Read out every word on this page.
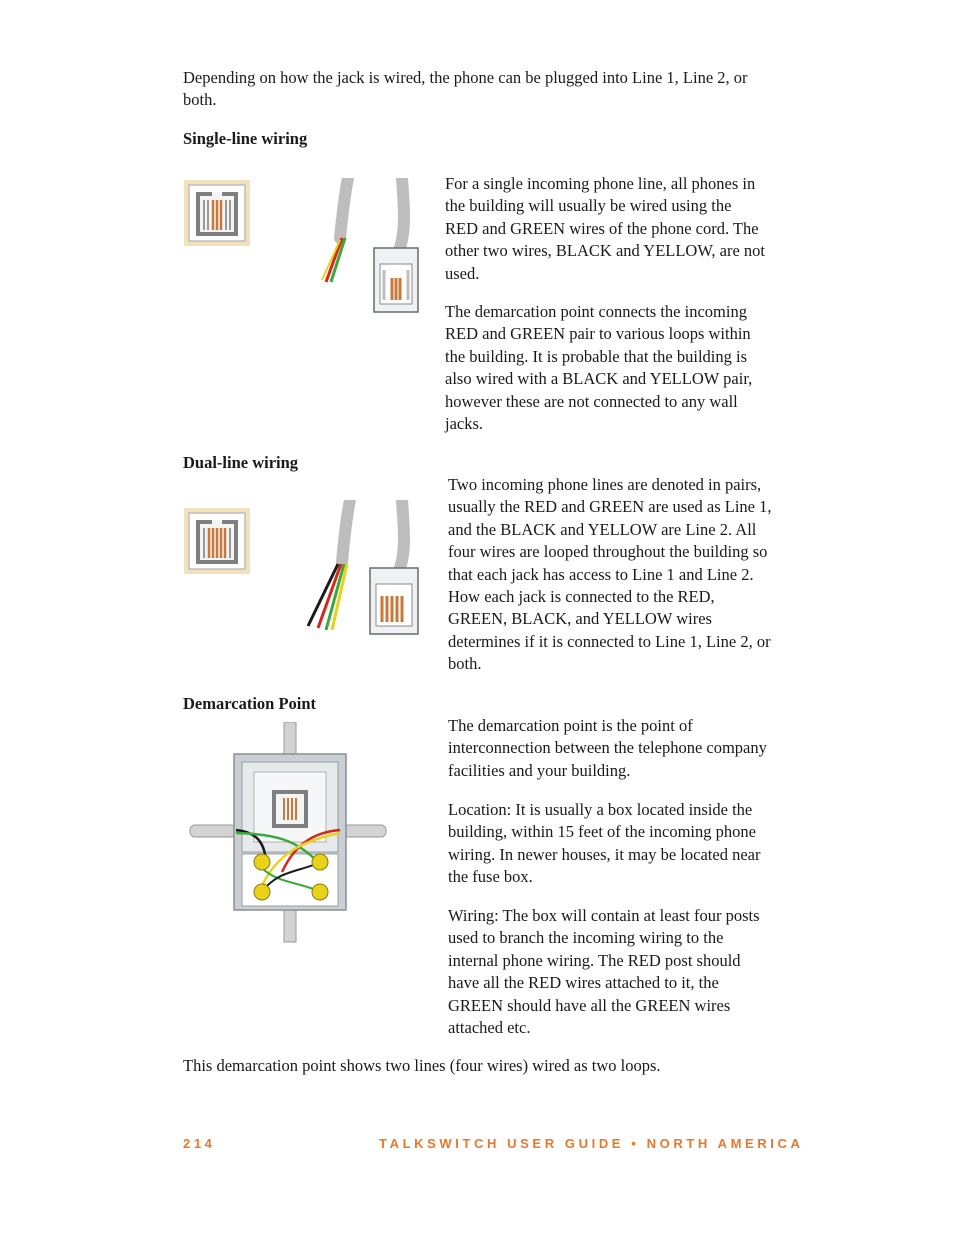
Depending on how the jack is wired, the phone can be plugged into Line 1, Line 2, or both.

Single-line wiring

For a single incoming phone line, all phones in the building will usually be wired using the RED and GREEN wires of the phone cord. The other two wires, BLACK and YELLOW, are not used.

The demarcation point connects the incoming RED and GREEN pair to various loops within the building. It is probable that the building is also wired with a BLACK and YELLOW pair, however these are not connected to any wall jacks.

Dual-line wiring

Two incoming phone lines are denoted in pairs, usually the RED and GREEN are used as Line 1, and the BLACK and YELLOW are Line 2. All four wires are looped throughout the building so that each jack has access to Line 1 and Line 2. How each jack is connected to the RED, GREEN, BLACK, and YELLOW wires determines if it is connected to Line 1, Line 2, or both.

Demarcation Point

The demarcation point is the point of interconnection between the telephone company facilities and your building.

Location: It is usually a box located inside the building, within 15 feet of the incoming phone wiring. In newer houses, it may be located near the fuse box.

Wiring: The box will contain at least four posts used to branch the incoming wiring to the internal phone wiring. The RED post should have all the RED wires attached to it, the GREEN should have all the GREEN wires attached etc.

This demarcation point shows two lines (four wires) wired as two loops.

214	TALKSWITCH USER GUIDE • NORTH AMERICA
